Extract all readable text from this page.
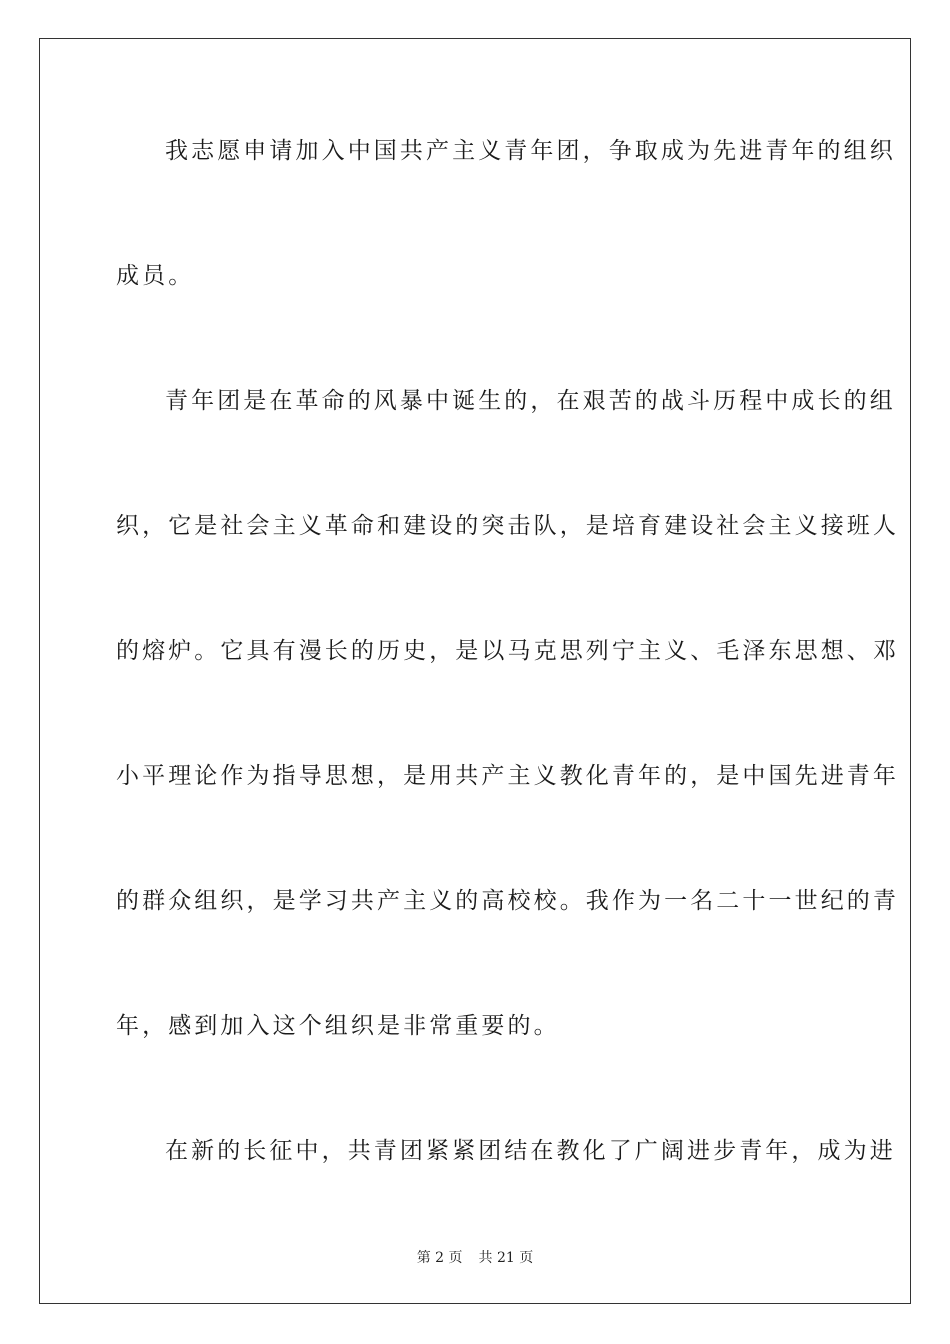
我志愿申请加入中国共产主义青年团，争取成为先进青年的组织
成员。
青年团是在革命的风暴中诞生的，在艰苦的战斗历程中成长的组
织，它是社会主义革命和建设的突击队，是培育建设社会主义接班人
的熔炉。它具有漫长的历史，是以马克思列宁主义、毛泽东思想、邓
小平理论作为指导思想，是用共产主义教化青年的，是中国先进青年
的群众组织，是学习共产主义的高校校。我作为一名二十一世纪的青
年，感到加入这个组织是非常重要的。
在新的长征中，共青团紧紧团结在教化了广阔进步青年，成为进
第 2 页 共 21 页
